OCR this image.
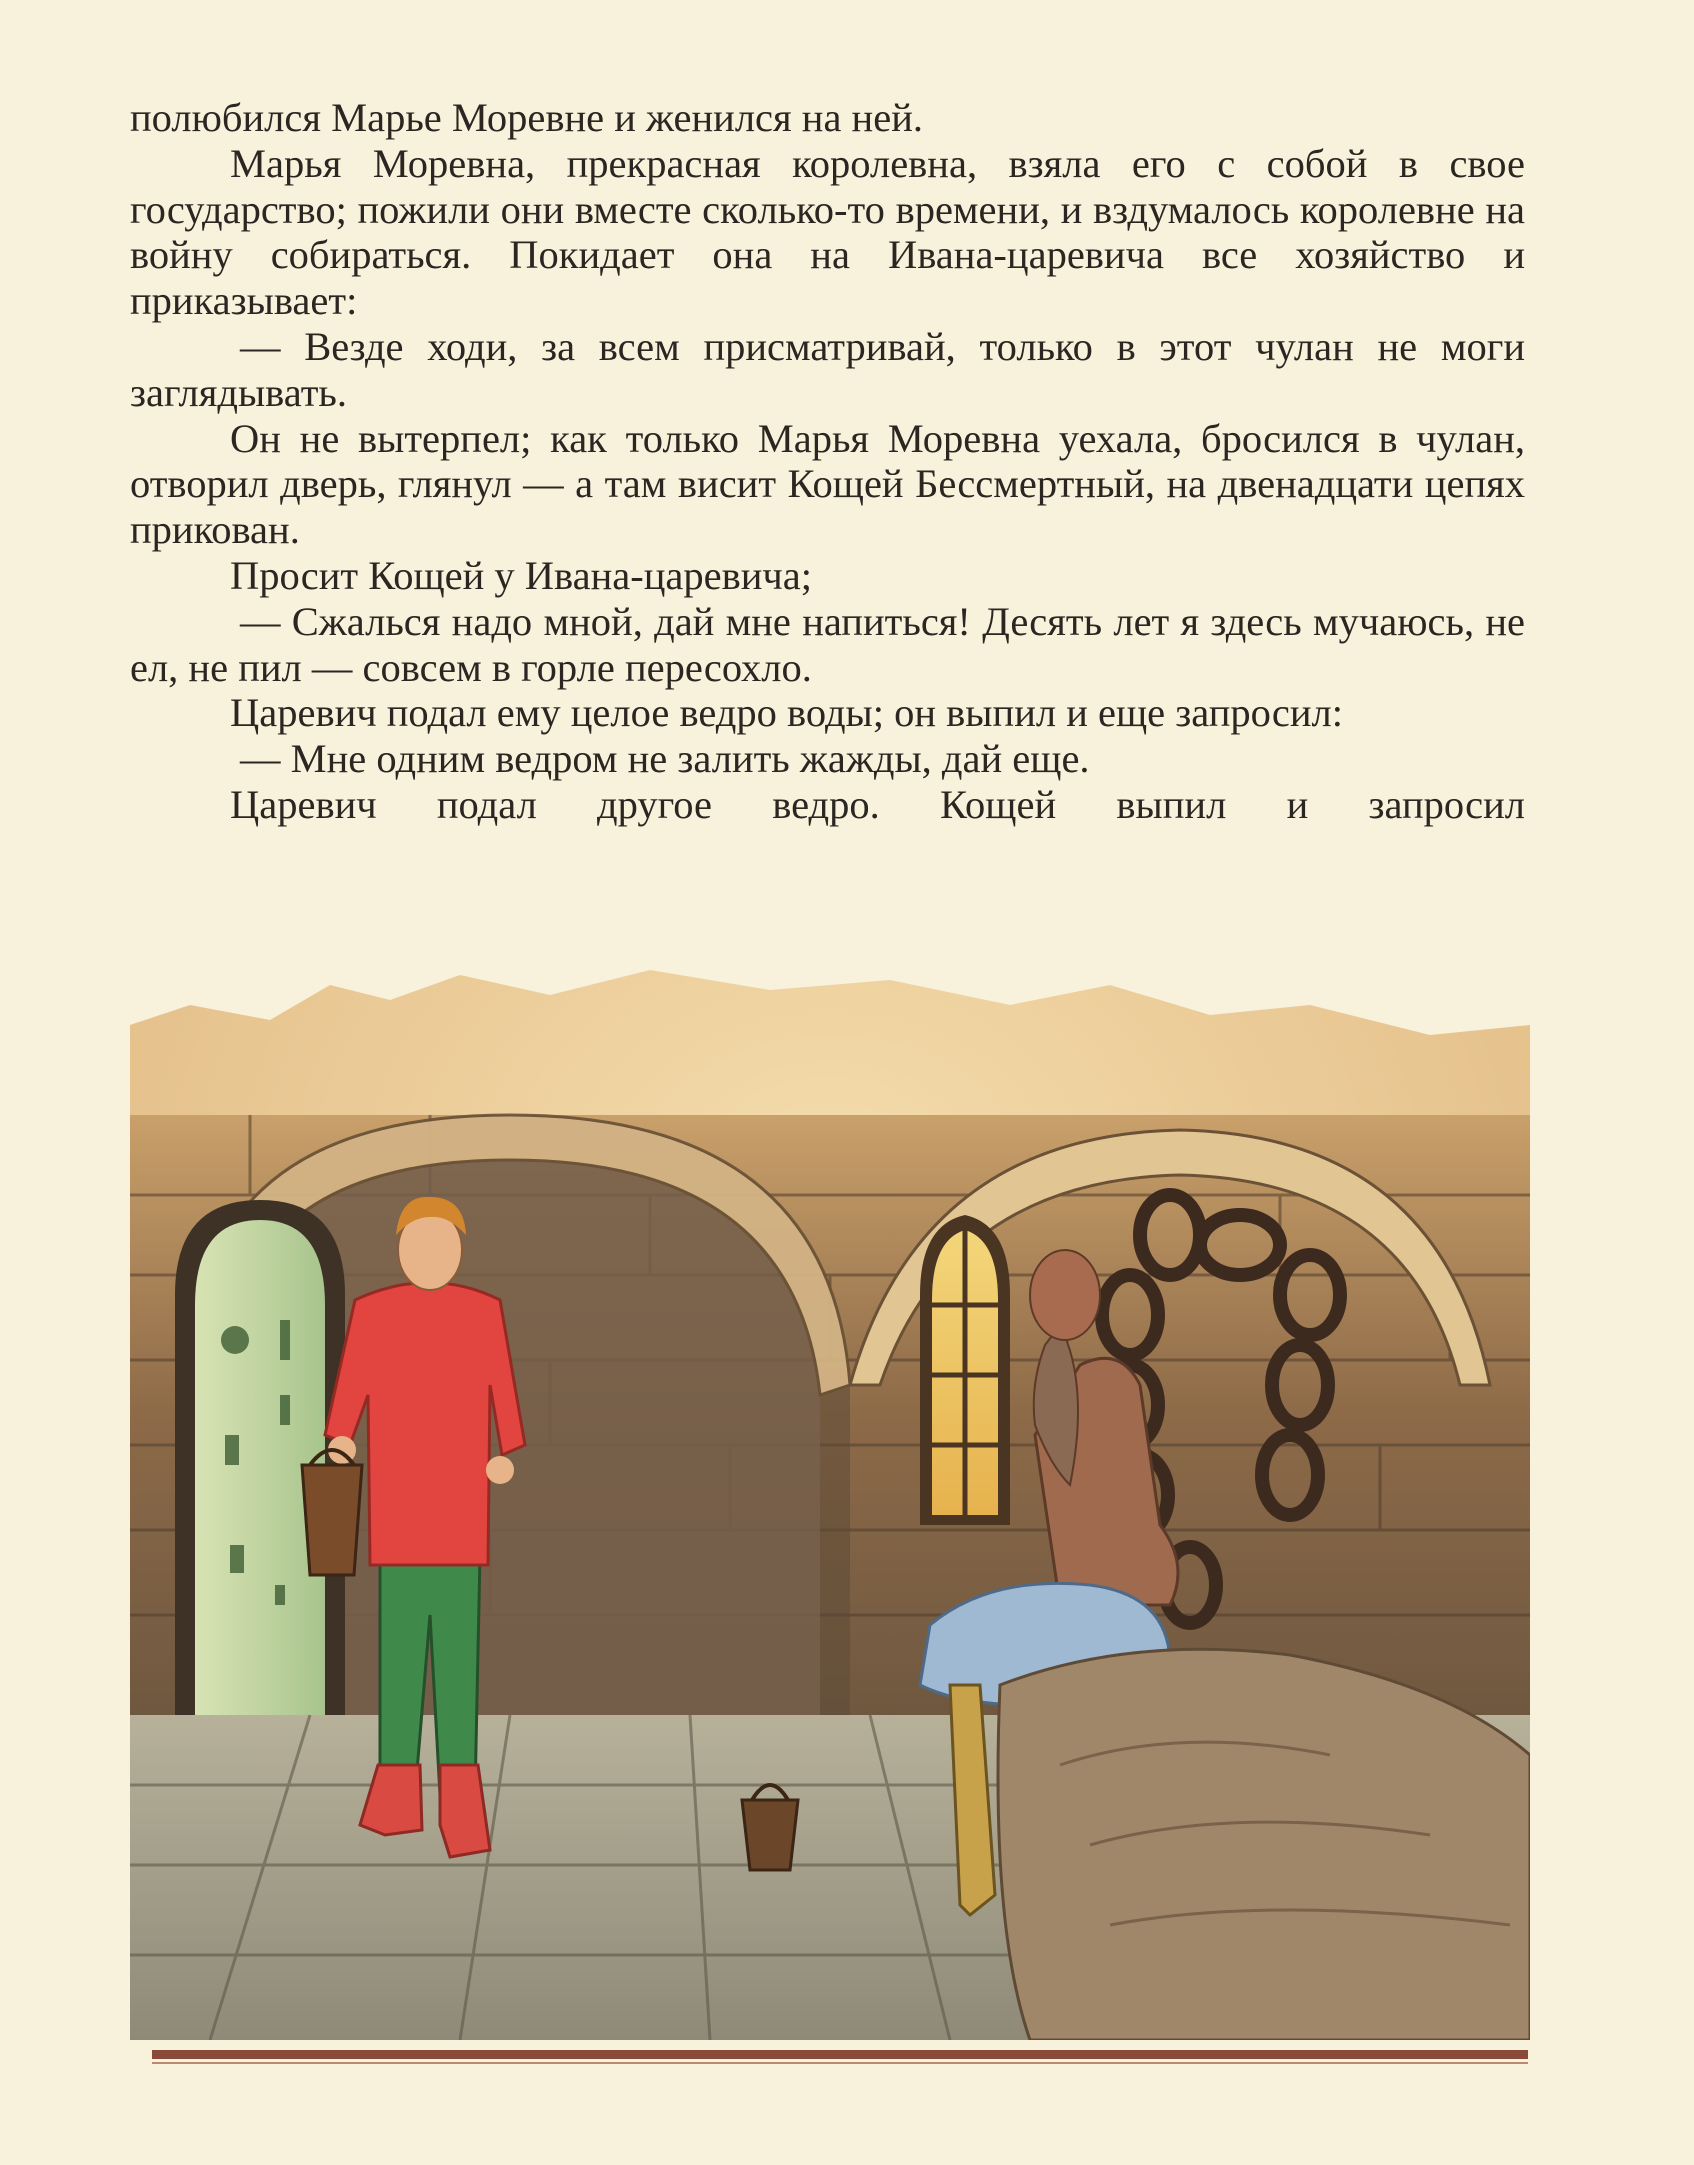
полюбился Марье Моревне и женился на ней.

Марья Моревна, прекрасная королевна, взяла его с собой в свое государство; пожили они вместе сколько-то времени, и вздумалось королевне на войну собираться. Покидает она на Ивана-царевича все хозяйство и приказывает:

— Везде ходи, за всем присматривай, только в этот чулан не моги заглядывать.

Он не вытерпел; как только Марья Моревна уехала, бросился в чулан, отворил дверь, глянул — а там висит Кощей Бессмертный, на двенадцати цепях прикован.

Просит Кощей у Ивана-царевича;

— Сжалься надо мной, дай мне напиться! Десять лет я здесь мучаюсь, не ел, не пил — совсем в горле пересохло.

Царевич подал ему целое ведро воды; он выпил и еще запросил:

— Мне одним ведром не залить жажды, дай еще.

Царевич подал другое ведро. Кощей выпил и запросил
